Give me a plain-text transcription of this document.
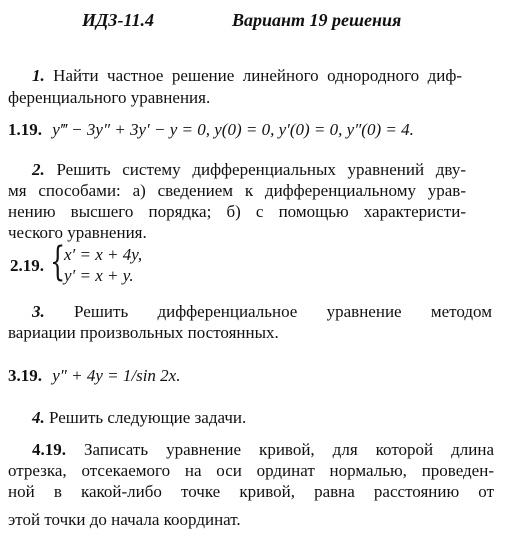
ИДЗ-11.4	Вариант 19 решения
1. Найти частное решение линейного однородного диф-
ференциального уравнения.
1.19. y‴ − 3y″ + 3y′ − y = 0, y(0) = 0, y′(0) = 0, y″(0) = 4.
2. Решить систему дифференциальных уравнений дву-
мя способами: а) сведением к дифференциальному урав-
нению высшего порядка; б) с помощью характеристи-
ческого уравнения.
2.19. {
x′ = x + 4y,
y′ = x + y.
3. Решить дифференциальное уравнение методом
вариации произвольных постоянных.
3.19. y″ + 4y = 1/sin 2x.
4. Решить следующие задачи.
4.19. Записать уравнение кривой, для которой длина
отрезка, отсекаемого на оси ординат нормалью, проведен-
ной в какой-либо точке кривой, равна расстоянию от
этой точки до начала координат.
